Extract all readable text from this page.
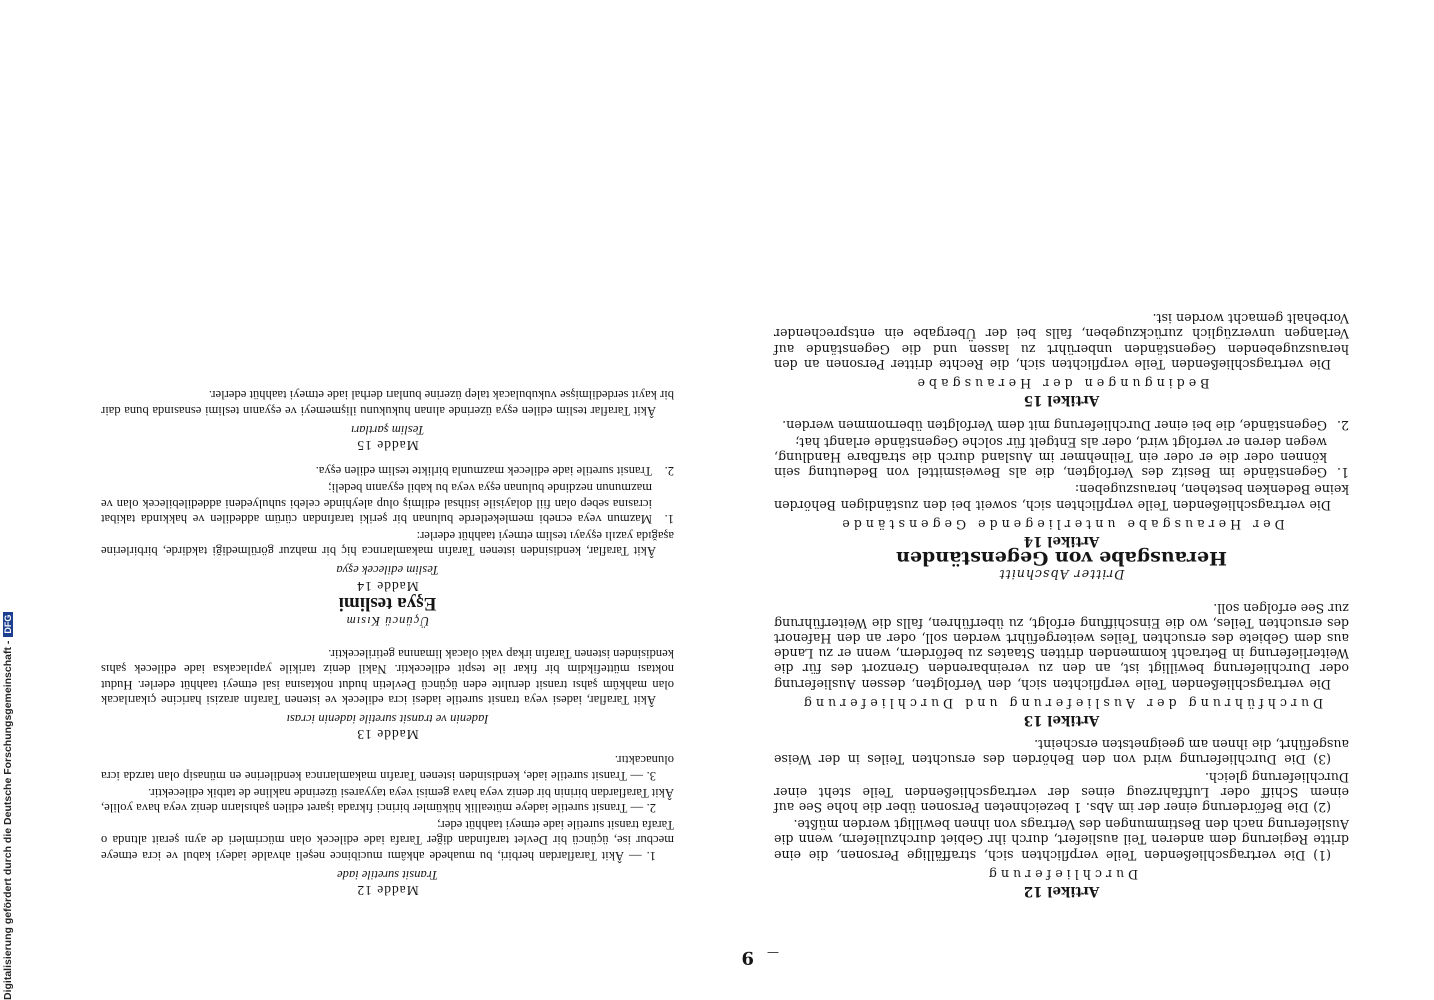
—
9
Artikel 12
Durchlieferung

(1) Die vertragschließenden Teile verpflichten sich, straffällige Personen, die eine dritte Regierung dem anderen Teil ausliefert, durch ihr Gebiet durchzuliefern, wenn die Auslieferung nach den Bestimmungen des Vertrags von ihnen bewilligt werden müßte.

(2) Die Beförderung einer der im Abs. 1 bezeichneten Personen über die hohe See auf einem Schiff oder Luftfahrzeug eines der vertragschließenden Teile steht einer Durchlieferung gleich.

(3) Die Durchlieferung wird von den Behörden des ersuchten Teiles in der Weise ausgeführt, die ihnen am geeignetsten erscheint.

Artikel 13
Durchführung der Auslieferung und Durchlieferung

Die vertragschließenden Teile verpflichten sich, den Verfolgten, dessen Auslieferung oder Durchlieferung bewilligt ist, an den zu vereinbarenden Grenzort des für die Weiterlieferung in Betracht kommenden dritten Staates zu befördern, wenn er zu Lande aus dem Gebiete des ersuchten Teiles weitergeführt werden soll, oder an den Hafenort des ersuchten Teiles, wo die Einschiffung erfolgt, zu überführen, falls die Weiterführung zur See erfolgen soll.

Dritter Abschnitt
Herausgabe von Gegenständen
Artikel 14
Der Herausgabe unterliegende Gegenstände

Die vertragschließenden Teile verpflichten sich, soweit bei den zuständigen Behörden keine Bedenken bestehen, herauszugeben:

1.
Gegenstände im Besitz des Verfolgten, die als Beweismittel von Bedeutung sein können oder die er oder ein Teilnehmer im Ausland durch die strafbare Handlung, wegen deren er verfolgt wird, oder als Entgelt für solche Gegenstände erlangt hat;

2.
Gegenstände, die bei einer Durchlieferung mit dem Verfolgten übernommen werden.

Artikel 15
Bedingungen der Herausgabe

Die vertragschließenden Teile verpflichten sich, die Rechte dritter Personen an den herauszugebenden Gegenständen unberührt zu lassen und die Gegenstände auf Verlangen unverzüglich zurückzugeben, falls bei der Übergabe ein entsprechender Vorbehalt gemacht worden ist.

Madde 12
Transit suretile iade

1. — Âkit Taraflardan herbiri, bu muahede ahkâmı mucibince neşeli ahvalde iadeyi kabul ve icra etmeye mecbur ise, üçüncü bir Devlet tarafından diğer Tarafa iade edilecek olan mücrimleri de aynı şerait altında o Tarafa transit suretile iade etmeyi taahhüt eder;

2. — Transit suretile iadeye müteallik hükümler birinci fıkrada işaret edilen şahısların deniz veya hava yolile, Âkit Taraflardan birinin bir deniz veya hava gemisi veya tayyaresi üzerinde nakline de tatbik edilecektir.

3. — Transit suretile iade, kendisinden istenen Tarafın makamlarınca kendilerine en münasip olan tarzda icra olunacaktır.

Madde 13
Iadenin ve transit suretile iadenin icrası

Âkit Taraflar, iadesi veya transit suretile iadesi icra edilecek ve istenen Tarafın arazisi haricine çıkarılacak olan mahkûm şahsı transit derulıte eden üçüncü Devletin hudut noktasına isal etmeyi taahhüt ederler. Hudut noktası müttefikdim bir fıkar ile tespit edilecektir. Nakil deniz tarikile yapılacaksa iade edilecek şahıs kendisinden istenen Tarafın irkap vaki olacak limanına getirilecektir.

Üçüncü Kısım
Eşya teslimi
Madde 14
Teslim edilecek eşya

Âkit Taraflar, kendisinden istenen Tarafın makamlarınca hiç bir mahzur görülmediği takdirde, birbirlerine aşağıda yazılı eşyayı teslim etmeyi taahhüt ederler:

1.
Mazmun veya ecnebi memleketlerde bulunan bir şeriki tarafından cürüm addedilen ve hakkında takibat icrasına sebep olan fiil dolayisile istihsal edilmiş olup aleyhinde celebi suhulyedeni addedilebilecek olan ve mazmunun nezdinde bulunan eşya veya bu kabil eşyanın bedeli;

2.
Transit suretile iade edilecek mazmunla birlikte teslim edilen eşya.

Madde 15
Teslim şartları

Âkit Taraflar teslim edilen eşya üzerinde alınan hukukunu ilişmemeyi ve eşyanın teslimi esnasında buna dair bir kayıt serdedilmişse vukubulacak talep üzerine bunları derhal iade etmeyi taahhüt ederler.

Digitalisierung gefördert durch die Deutsche Forschungsgemeinschaft -DFG
